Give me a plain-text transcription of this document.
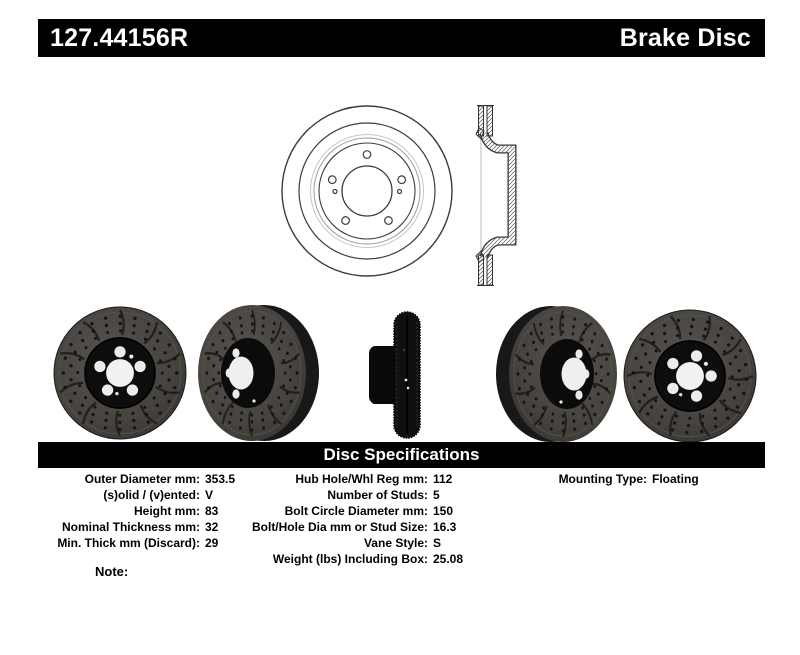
127.44156R	Brake Disc
Disc Specifications
Outer Diameter mm: 353.5
(s)olid / (v)ented: V
Height mm: 83
Nominal Thickness mm: 32
Min. Thick mm (Discard): 29
Hub Hole/Whl Reg mm: 112
Number of Studs: 5
Bolt Circle Diameter mm: 150
Bolt/Hole Dia mm or Stud Size: 16.3
Vane Style: S
Weight (lbs) Including Box: 25.08
Mounting Type: Floating
Note:
